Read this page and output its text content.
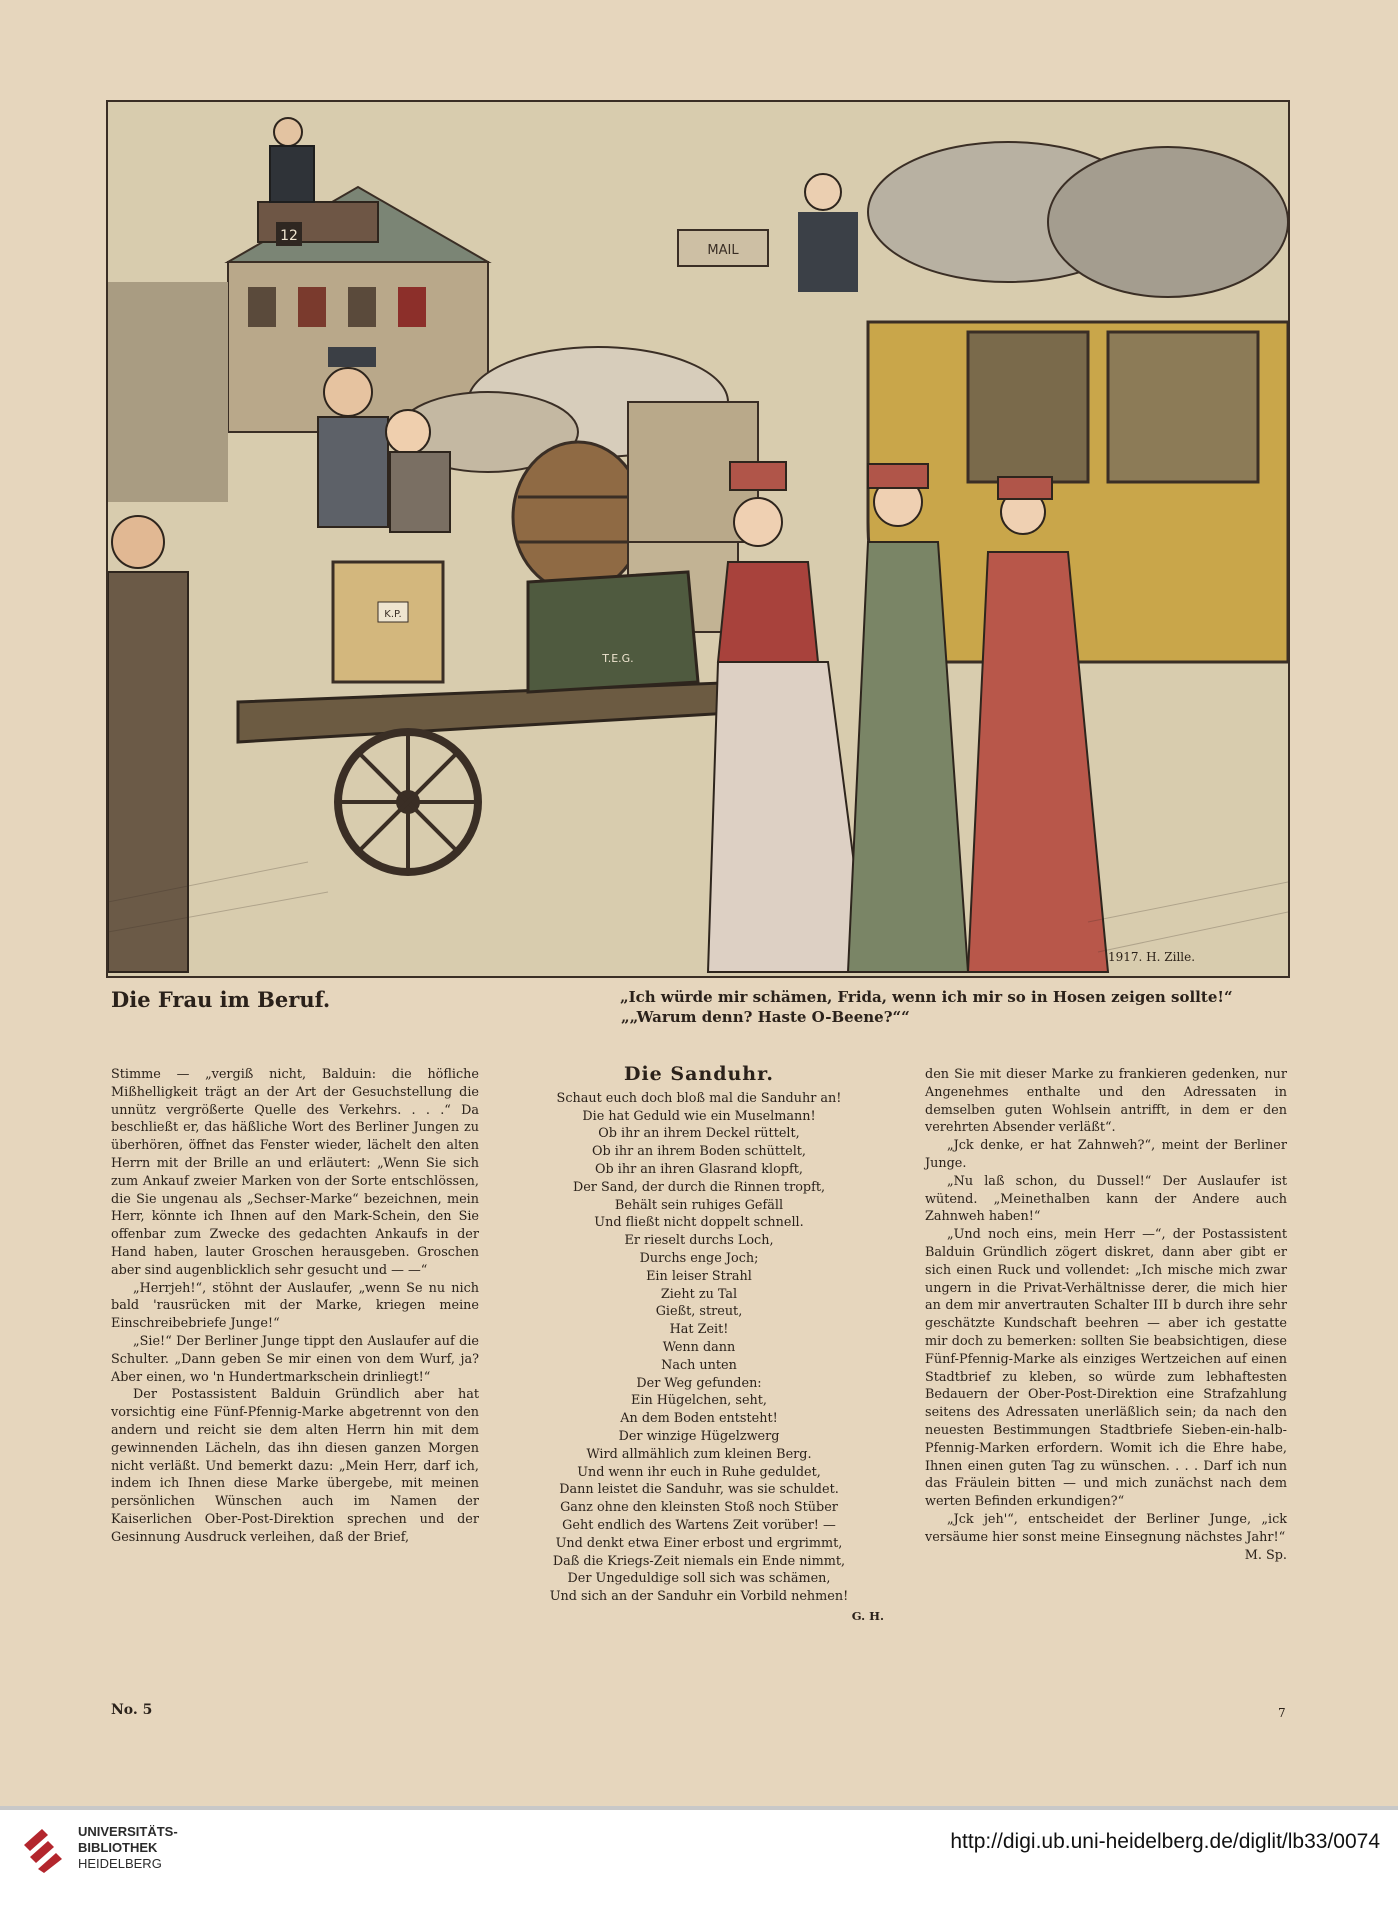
12
MAIL
K.P.
T.E.G.
1917. H. Zille.
Die Frau im Beruf.	„Ich würde mir schämen, Frida, wenn ich mir so in Hosen zeigen sollte!“
„„Warum denn? Haste O-Beene?““

Stimme — „vergiß nicht, Balduin: die höfliche Mißhelligkeit trägt an der Art der Gesuchstellung die unnütz vergrößerte Quelle des Verkehrs. . . .“ Da beschließt er, das häßliche Wort des Berliner Jungen zu überhören, öffnet das Fenster wieder, lächelt den alten Herrn mit der Brille an und erläutert: „Wenn Sie sich zum Ankauf zweier Marken von der Sorte entschlössen, die Sie ungenau als „Sechser-Marke“ bezeichnen, mein Herr, könnte ich Ihnen auf den Mark-Schein, den Sie offenbar zum Zwecke des gedachten Ankaufs in der Hand haben, lauter Groschen herausgeben. Groschen aber sind augenblicklich sehr gesucht und — —“

„Herrjeh!“, stöhnt der Auslaufer, „wenn Se nu nich bald 'rausrücken mit der Marke, kriegen meine Einschreibebriefe Junge!“

„Sie!“ Der Berliner Junge tippt den Auslaufer auf die Schulter. „Dann geben Se mir einen von dem Wurf, ja? Aber einen, wo 'n Hundertmarkschein drinliegt!“

Der Postassistent Balduin Gründlich aber hat vorsichtig eine Fünf-Pfennig-Marke abgetrennt von den andern und reicht sie dem alten Herrn hin mit dem gewinnenden Lächeln, das ihn diesen ganzen Morgen nicht verläßt. Und bemerkt dazu: „Mein Herr, darf ich, indem ich Ihnen diese Marke übergebe, mit meinen persönlichen Wünschen auch im Namen der Kaiserlichen Ober-Post-Direktion sprechen und der Gesinnung Ausdruck verleihen, daß der Brief,

Die Sanduhr.
Schaut euch doch bloß mal die Sanduhr an!
Die hat Geduld wie ein Muselmann!
Ob ihr an ihrem Deckel rüttelt,
Ob ihr an ihrem Boden schüttelt,
Ob ihr an ihren Glasrand klopft,
Der Sand, der durch die Rinnen tropft,
Behält sein ruhiges Gefäll
Und fließt nicht doppelt schnell.
Er rieselt durchs Loch,
Durchs enge Joch;
Ein leiser Strahl
Zieht zu Tal
Gießt, streut,
Hat Zeit!
Wenn dann
Nach unten
Der Weg gefunden:
Ein Hügelchen, seht,
An dem Boden entsteht!
Der winzige Hügelzwerg
Wird allmählich zum kleinen Berg.
Und wenn ihr euch in Ruhe geduldet,
Dann leistet die Sanduhr, was sie schuldet.
Ganz ohne den kleinsten Stoß noch Stüber
Geht endlich des Wartens Zeit vorüber! —
Und denkt etwa Einer erbost und ergrimmt,
Daß die Kriegs-Zeit niemals ein Ende nimmt,
Der Ungeduldige soll sich was schämen,
Und sich an der Sanduhr ein Vorbild nehmen!
G. H.

den Sie mit dieser Marke zu frankieren gedenken, nur Angenehmes enthalte und den Adressaten in demselben guten Wohlsein antrifft, in dem er den verehrten Absender verläßt“.

„Jck denke, er hat Zahnweh?“, meint der Berliner Junge.

„Nu laß schon, du Dussel!“ Der Auslaufer ist wütend. „Meinethalben kann der Andere auch Zahnweh haben!“

„Und noch eins, mein Herr —“, der Postassistent Balduin Gründlich zögert diskret, dann aber gibt er sich einen Ruck und vollendet: „Ich mische mich zwar ungern in die Privat-Verhältnisse derer, die mich hier an dem mir anvertrauten Schalter III b durch ihre sehr geschätzte Kundschaft beehren — aber ich gestatte mir doch zu bemerken: sollten Sie beabsichtigen, diese Fünf-Pfennig-Marke als einziges Wertzeichen auf einen Stadtbrief zu kleben, so würde zum lebhaftesten Bedauern der Ober-Post-Direktion eine Strafzahlung seitens des Adressaten unerläßlich sein; da nach den neuesten Bestimmungen Stadtbriefe Sieben-ein-halb-Pfennig-Marken erfordern. Womit ich die Ehre habe, Ihnen einen guten Tag zu wünschen. . . . Darf ich nun das Fräulein bitten — und mich zunächst nach dem werten Befinden erkundigen?“

„Jck jeh'“, entscheidet der Berliner Junge, „ick versäume hier sonst meine Einsegnung nächstes Jahr!“

M. Sp.

No. 5	7
UNIVERSITÄTS-
BIBLIOTHEK
HEIDELBERG
http://digi.ub.uni-heidelberg.de/diglit/lb33/0074
